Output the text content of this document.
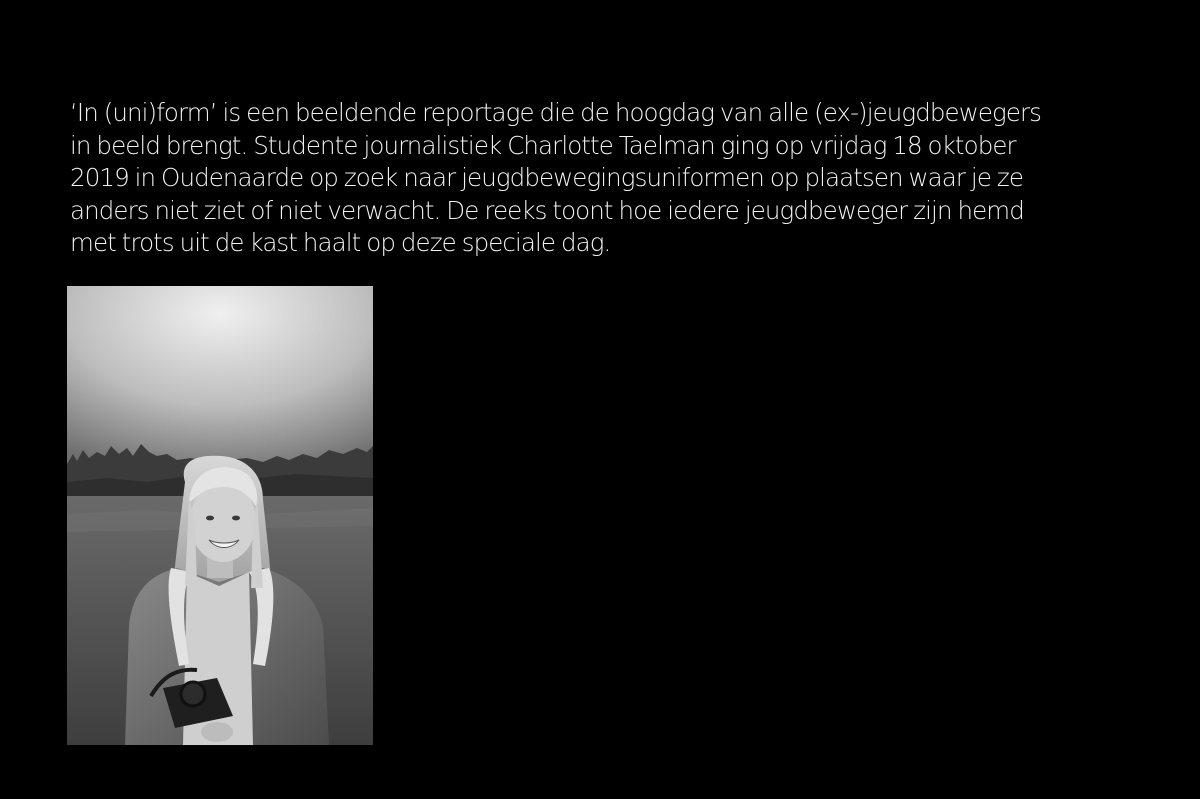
‘In (uni)form’ is een beeldende reportage die de hoogdag van alle (ex-)jeugdbewegers
in beeld brengt. Studente journalistiek Charlotte Taelman ging op vrijdag 18 oktober
2019 in Oudenaarde op zoek naar jeugdbewegingsuniformen op plaatsen waar je ze
anders niet ziet of niet verwacht. De reeks toont hoe iedere jeugdbeweger zijn hemd
met trots uit de kast haalt op deze speciale dag.
